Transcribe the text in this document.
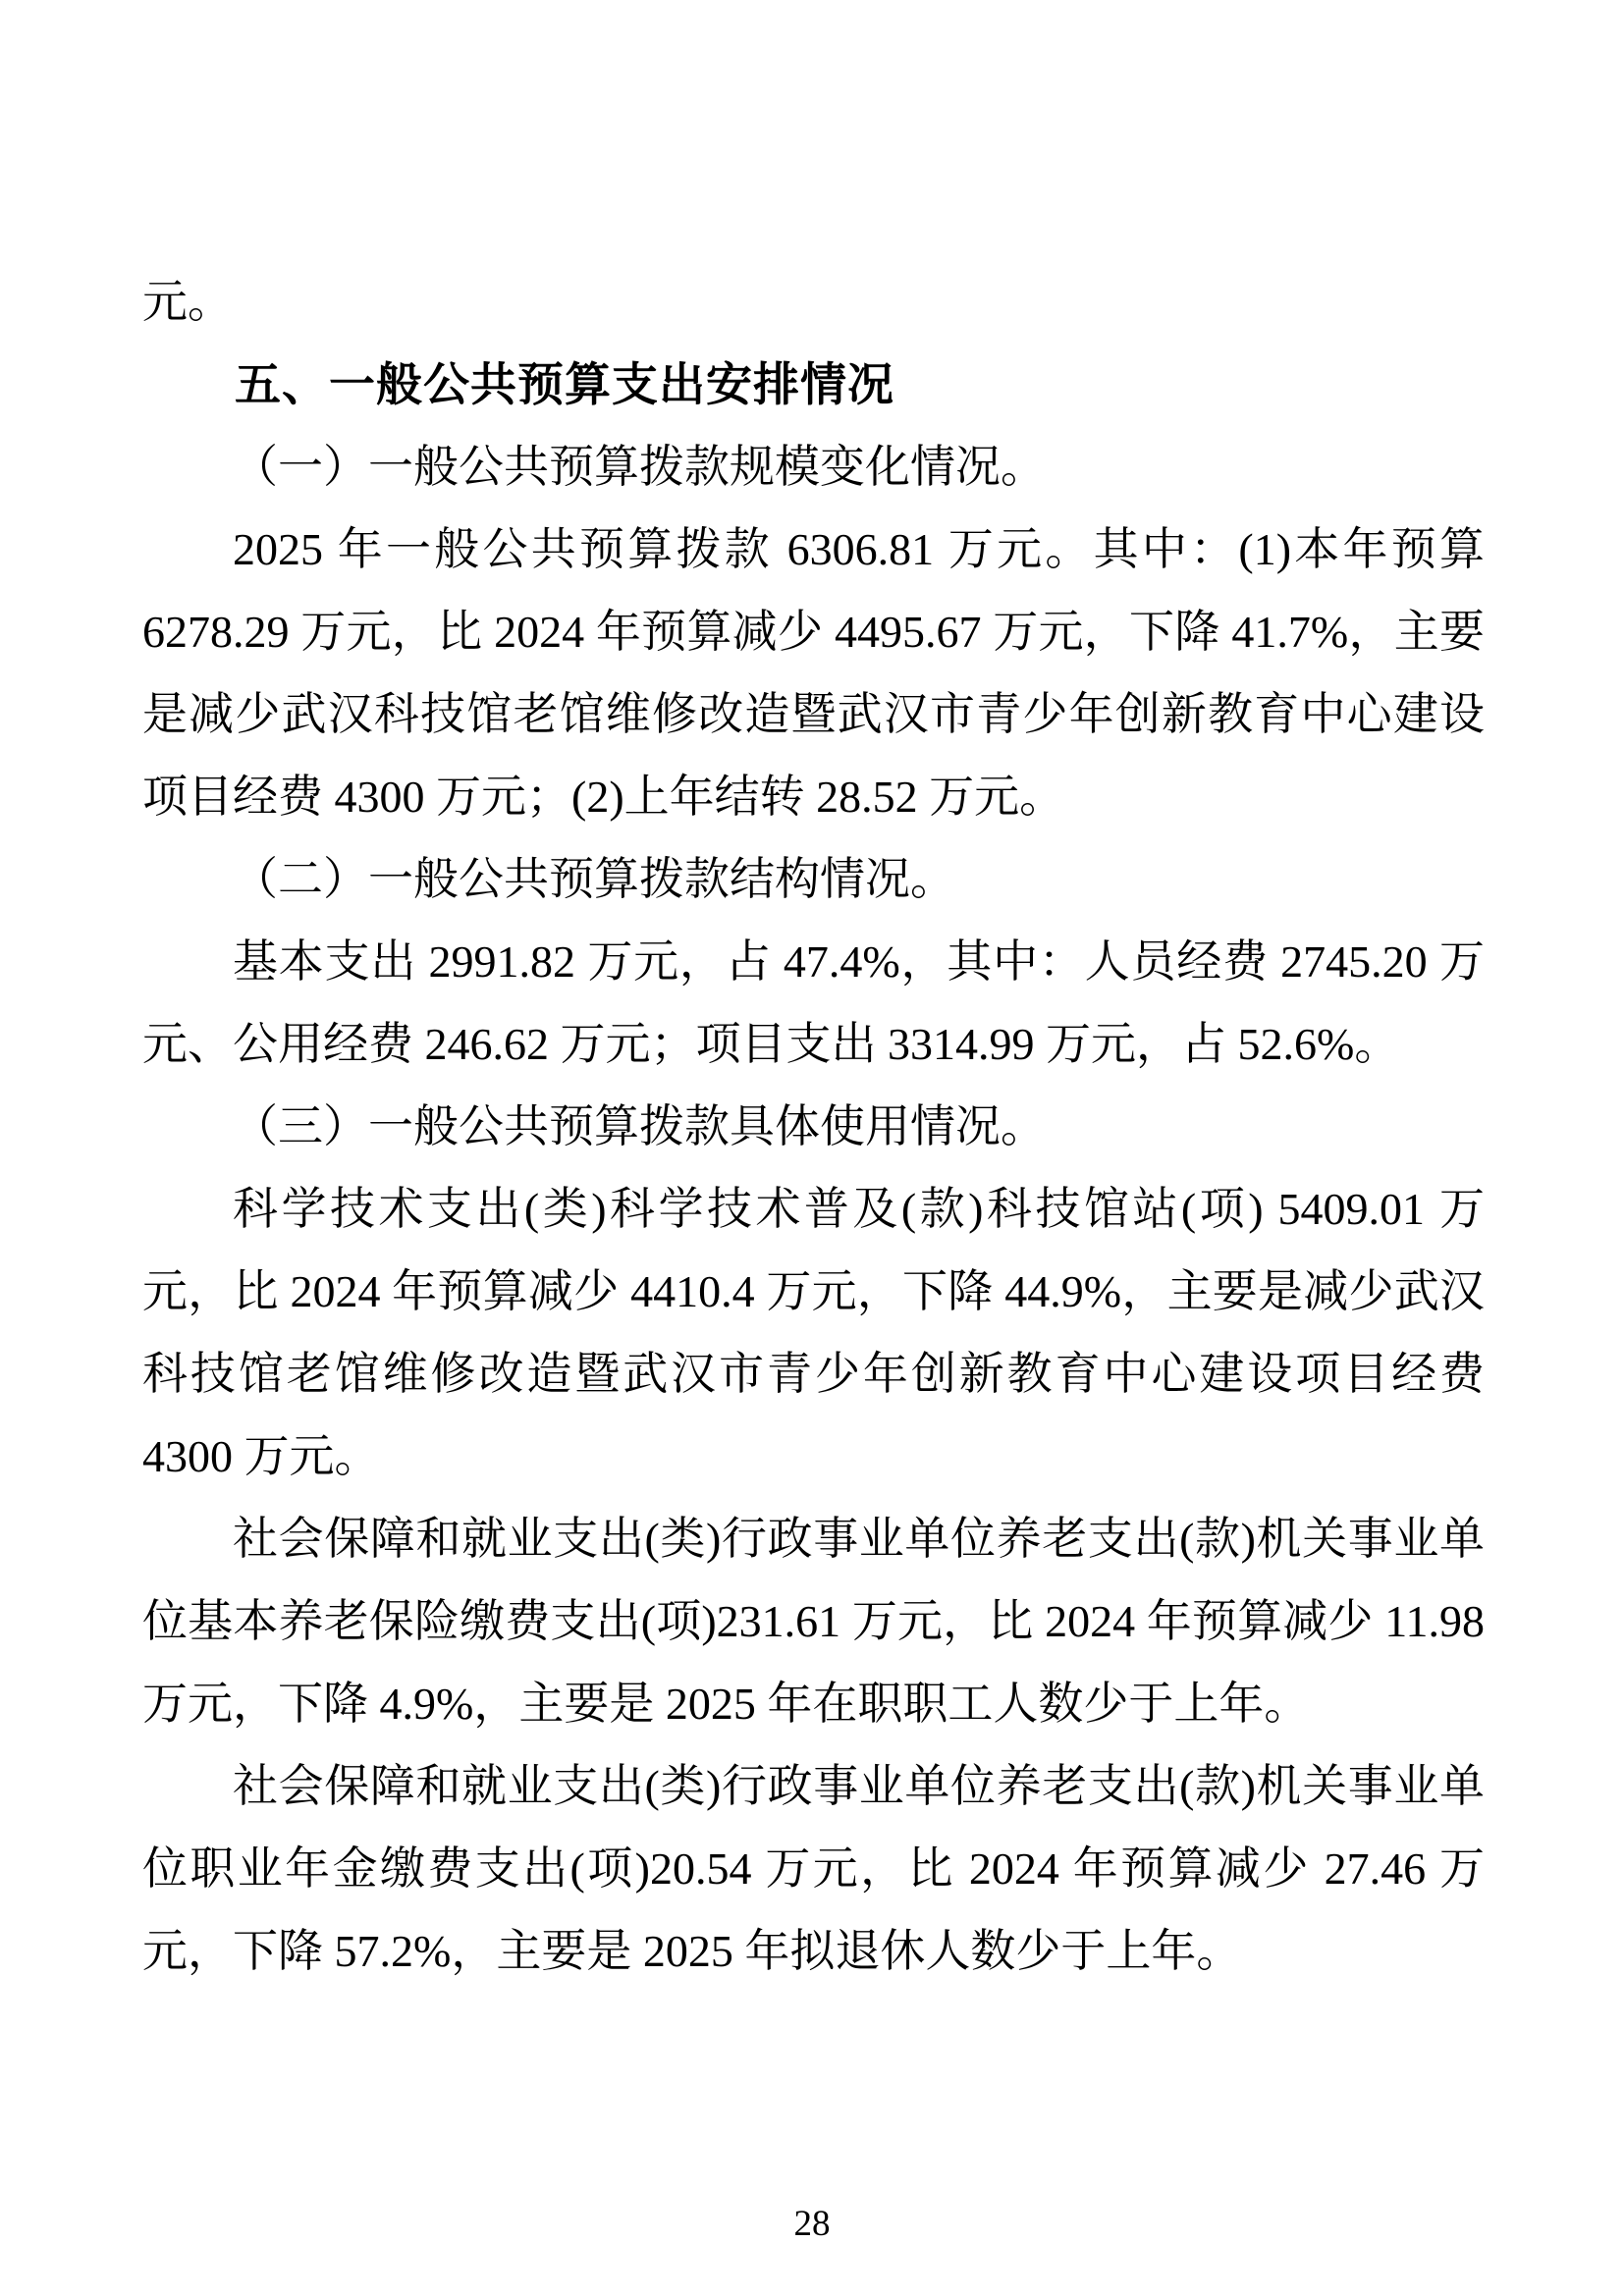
元。

五、一般公共预算支出安排情况

（一）一般公共预算拨款规模变化情况。

2025 年一般公共预算拨款 6306.81 万元。其中：(1)本年预算 6278.29 万元，比 2024 年预算减少 4495.67 万元，下降 41.7%，主要是减少武汉科技馆老馆维修改造暨武汉市青少年创新教育中心建设项目经费 4300 万元；(2)上年结转 28.52 万元。

（二）一般公共预算拨款结构情况。

基本支出 2991.82 万元，占 47.4%，其中：人员经费 2745.20 万元、公用经费 246.62 万元；项目支出 3314.99 万元，占 52.6%。

（三）一般公共预算拨款具体使用情况。

科学技术支出(类)科学技术普及(款)科技馆站(项) 5409.01 万元，比 2024 年预算减少 4410.4 万元，下降 44.9%，主要是减少武汉科技馆老馆维修改造暨武汉市青少年创新教育中心建设项目经费 4300 万元。

社会保障和就业支出(类)行政事业单位养老支出(款)机关事业单位基本养老保险缴费支出(项)231.61 万元，比 2024 年预算减少 11.98 万元，下降 4.9%，主要是 2025 年在职职工人数少于上年。

社会保障和就业支出(类)行政事业单位养老支出(款)机关事业单位职业年金缴费支出(项)20.54 万元，比 2024 年预算减少 27.46 万元，下降 57.2%，主要是 2025 年拟退休人数少于上年。

28
